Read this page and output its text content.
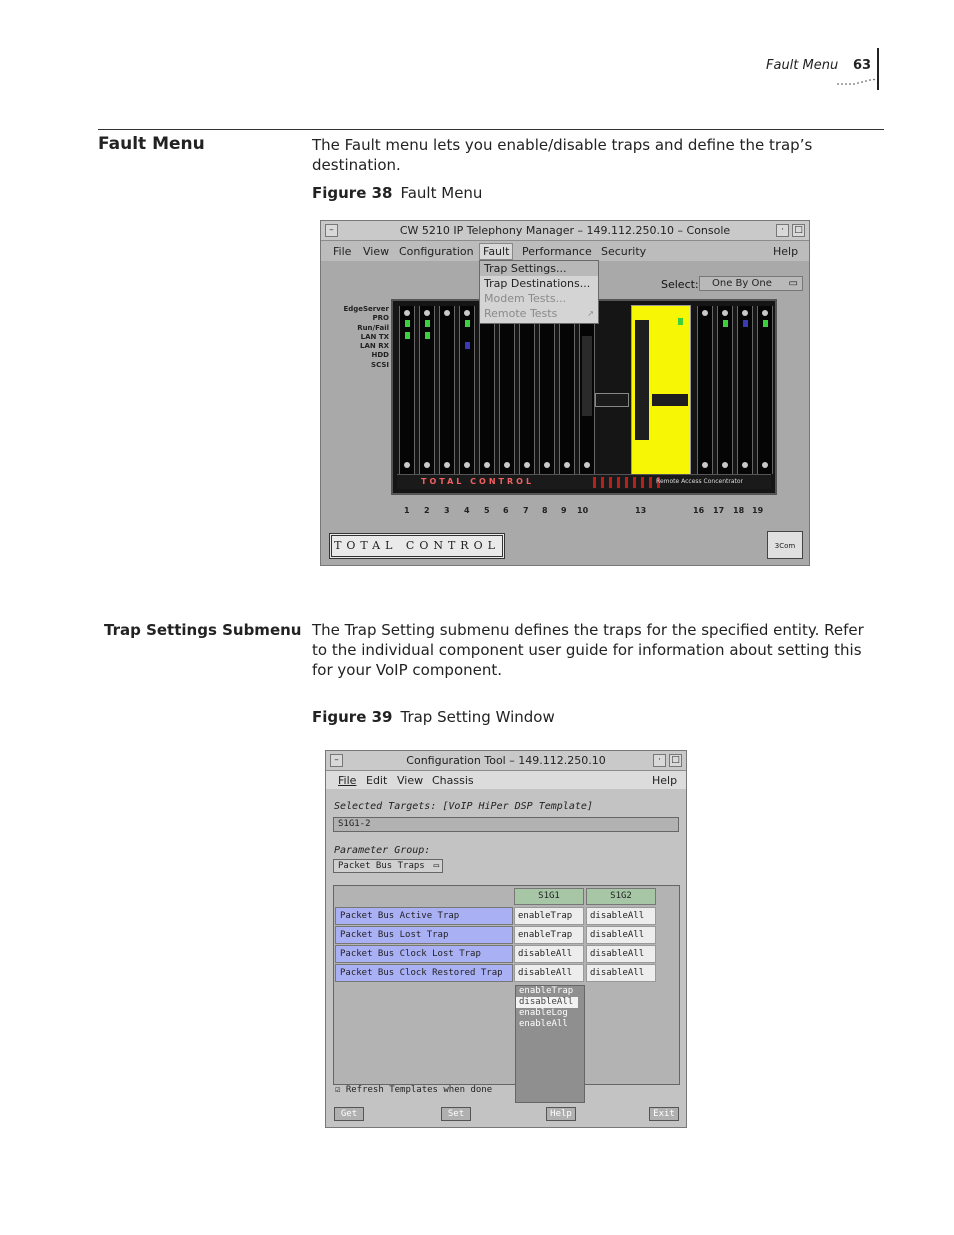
Fault Menu 63
Fault Menu	The Fault menu lets you enable/disable traps and define the trap’s destination.
Figure 38 Fault Menu
–	CW 5210 IP Telephony Manager – 149.112.250.10 – Console	·	□
File View Configuration Fault	Performance Security	Help
Trap Settings...
Trap Destinations...
Modem Tests...
Remote Tests	↗
Select:	One By One ▭
EdgeServer
PRO
Run/Fail
LAN TX
LAN RX
HDD
SCSI
TOTAL CONTROL	Remote Access Concentrator
1 2 3 4 5 6 7 8 9 10	13	16 17 18 19
TOTAL CONTROL	3Com
Trap Settings Submenu The Trap Setting submenu defines the traps for the specified entity. Refer to the individual component user guide for information about setting this for your VoIP component.
Figure 39 Trap Setting Window
–	Configuration Tool – 149.112.250.10	·	□
File Edit View Chassis	Help
Selected Targets: [VoIP HiPer DSP Template]
S1G1-2
Parameter Group:
Packet Bus Traps ▭
S1G1	S1G2
Packet Bus Active Trap	enableTrap	disableAll
Packet Bus Lost Trap	enableTrap	disableAll
Packet Bus Clock Lost Trap	disableAll	disableAll
Packet Bus Clock Restored Trap	disableAll	disableAll
enableTrap
disableAll
enableLog
enableAll
☑ Refresh Templates when done
Get	Set	Help	Exit
